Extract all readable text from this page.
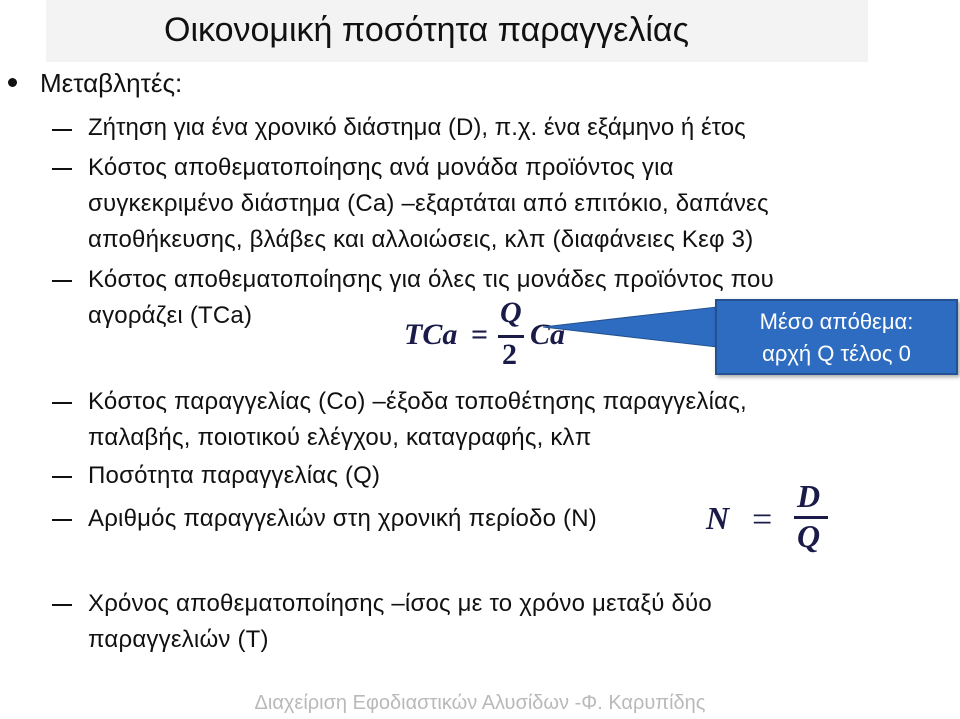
Οικονομική ποσότητα παραγγελίας
Μεταβλητές:
Ζήτηση για ένα χρονικό διάστημα (D), π.χ. ένα εξάμηνο ή έτος
Κόστος αποθεματοποίησης ανά μονάδα προϊόντος για
συγκεκριμένο διάστημα (Ca) –εξαρτάται από επιτόκιο, δαπάνες
αποθήκευσης, βλάβες και αλλοιώσεις, κλπ (διαφάνειες Κεφ 3)
Κόστος αποθεματοποίησης για όλες τις μονάδες προϊόντος που
αγοράζει (TCa)
TCa =
Q
2
Ca	Μέσο απόθεμα:
αρχή Q τέλος 0
Κόστος παραγγελίας (Co) –έξοδα τοποθέτησης παραγγελίας,
παλαβής, ποιοτικού ελέγχου, καταγραφής, κλπ
Ποσότητα παραγγελίας (Q)
Αριθμός παραγγελιών στη χρονική περίοδο (N)	N =
D
Q
Χρόνος αποθεματοποίησης –ίσος με το χρόνο μεταξύ δύο
παραγγελιών (T)
Διαχείριση Εφοδιαστικών Αλυσίδων -Φ. Καρυπίδης
